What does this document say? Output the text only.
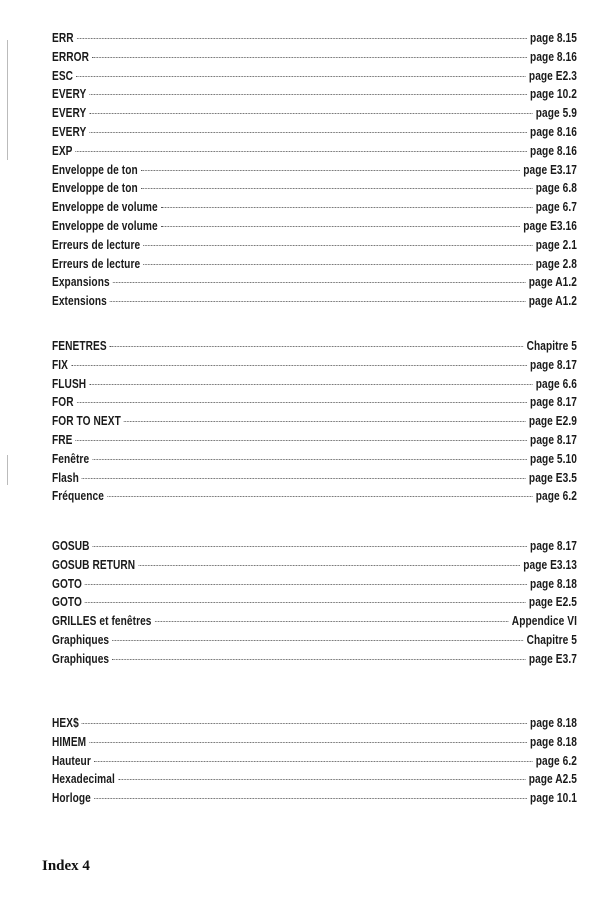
ERR	page 8.15
ERROR	page 8.16
ESC	page E2.3
EVERY	page 10.2
EVERY	page 5.9
EVERY	page 8.16
EXP	page 8.16
Enveloppe de ton	page E3.17
Enveloppe de ton	page 6.8
Enveloppe de volume	page 6.7
Enveloppe de volume	page E3.16
Erreurs de lecture	page 2.1
Erreurs de lecture	page 2.8
Expansions	page A1.2
Extensions	page A1.2
FENETRES	Chapitre 5
FIX	page 8.17
FLUSH	page 6.6
FOR	page 8.17
FOR TO NEXT	page E2.9
FRE	page 8.17
Fenêtre	page 5.10
Flash	page E3.5
Fréquence	page 6.2
GOSUB	page 8.17
GOSUB RETURN	page E3.13
GOTO	page 8.18
GOTO	page E2.5
GRILLES et fenêtres	Appendice VI
Graphiques	Chapitre 5
Graphiques	page E3.7
HEX$	page 8.18
HIMEM	page 8.18
Hauteur	page 6.2
Hexadecimal	page A2.5
Horloge	page 10.1
Index 4
